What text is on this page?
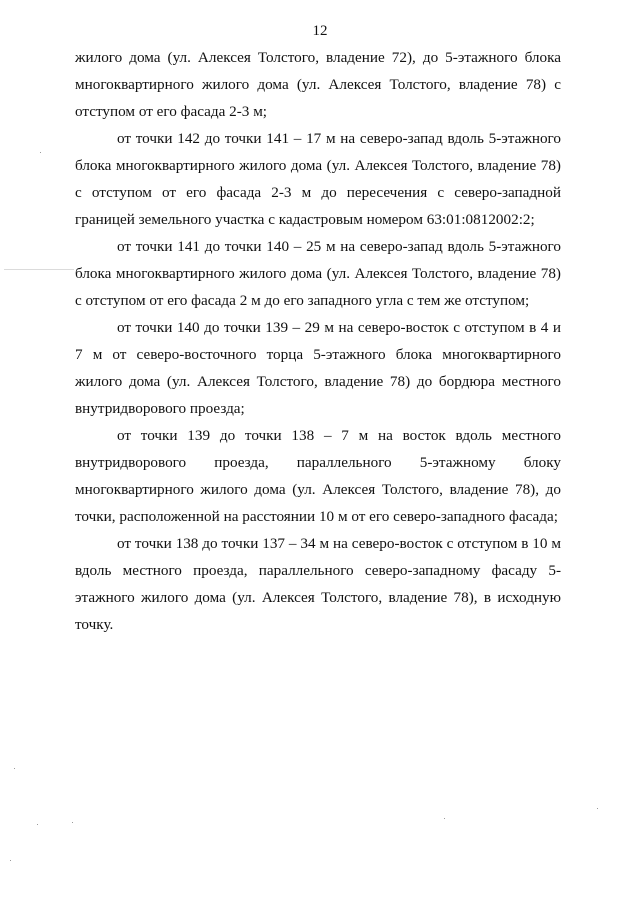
12

жилого дома (ул. Алексея Толстого, владение 72), до 5-этажного блока многоквартирного жилого дома (ул. Алексея Толстого, владение 78) с отступом от его фасада 2-3 м;

от точки 142 до точки 141 – 17 м на северо-запад вдоль 5-этажного блока многоквартирного жилого дома (ул. Алексея Толстого, владение 78) с отступом от его фасада 2-3 м до пересечения с северо-западной границей земельного участка с кадастровым номером 63:01:0812002:2;

от точки 141 до точки 140 – 25 м на северо-запад вдоль 5-этажного блока многоквартирного жилого дома (ул. Алексея Толстого, владение 78) с отступом от его фасада 2 м до его западного угла с тем же отступом;

от точки 140 до точки 139 – 29 м на северо-восток с отступом в 4 и 7 м от северо-восточного торца 5-этажного блока многоквартирного жилого дома (ул. Алексея Толстого, владение 78) до бордюра местного внутридворового проезда;

от точки 139 до точки 138 – 7 м на восток вдоль местного внутридворового проезда, параллельного 5-этажному блоку многоквартирного жилого дома (ул. Алексея Толстого, владение 78), до точки, расположенной на расстоянии 10 м от его северо-западного фасада;

от точки 138 до точки 137 – 34 м на северо-восток с отступом в 10 м вдоль местного проезда, параллельного северо-западному фасаду 5-этажного жилого дома (ул. Алексея Толстого, владение 78), в исходную точку.
